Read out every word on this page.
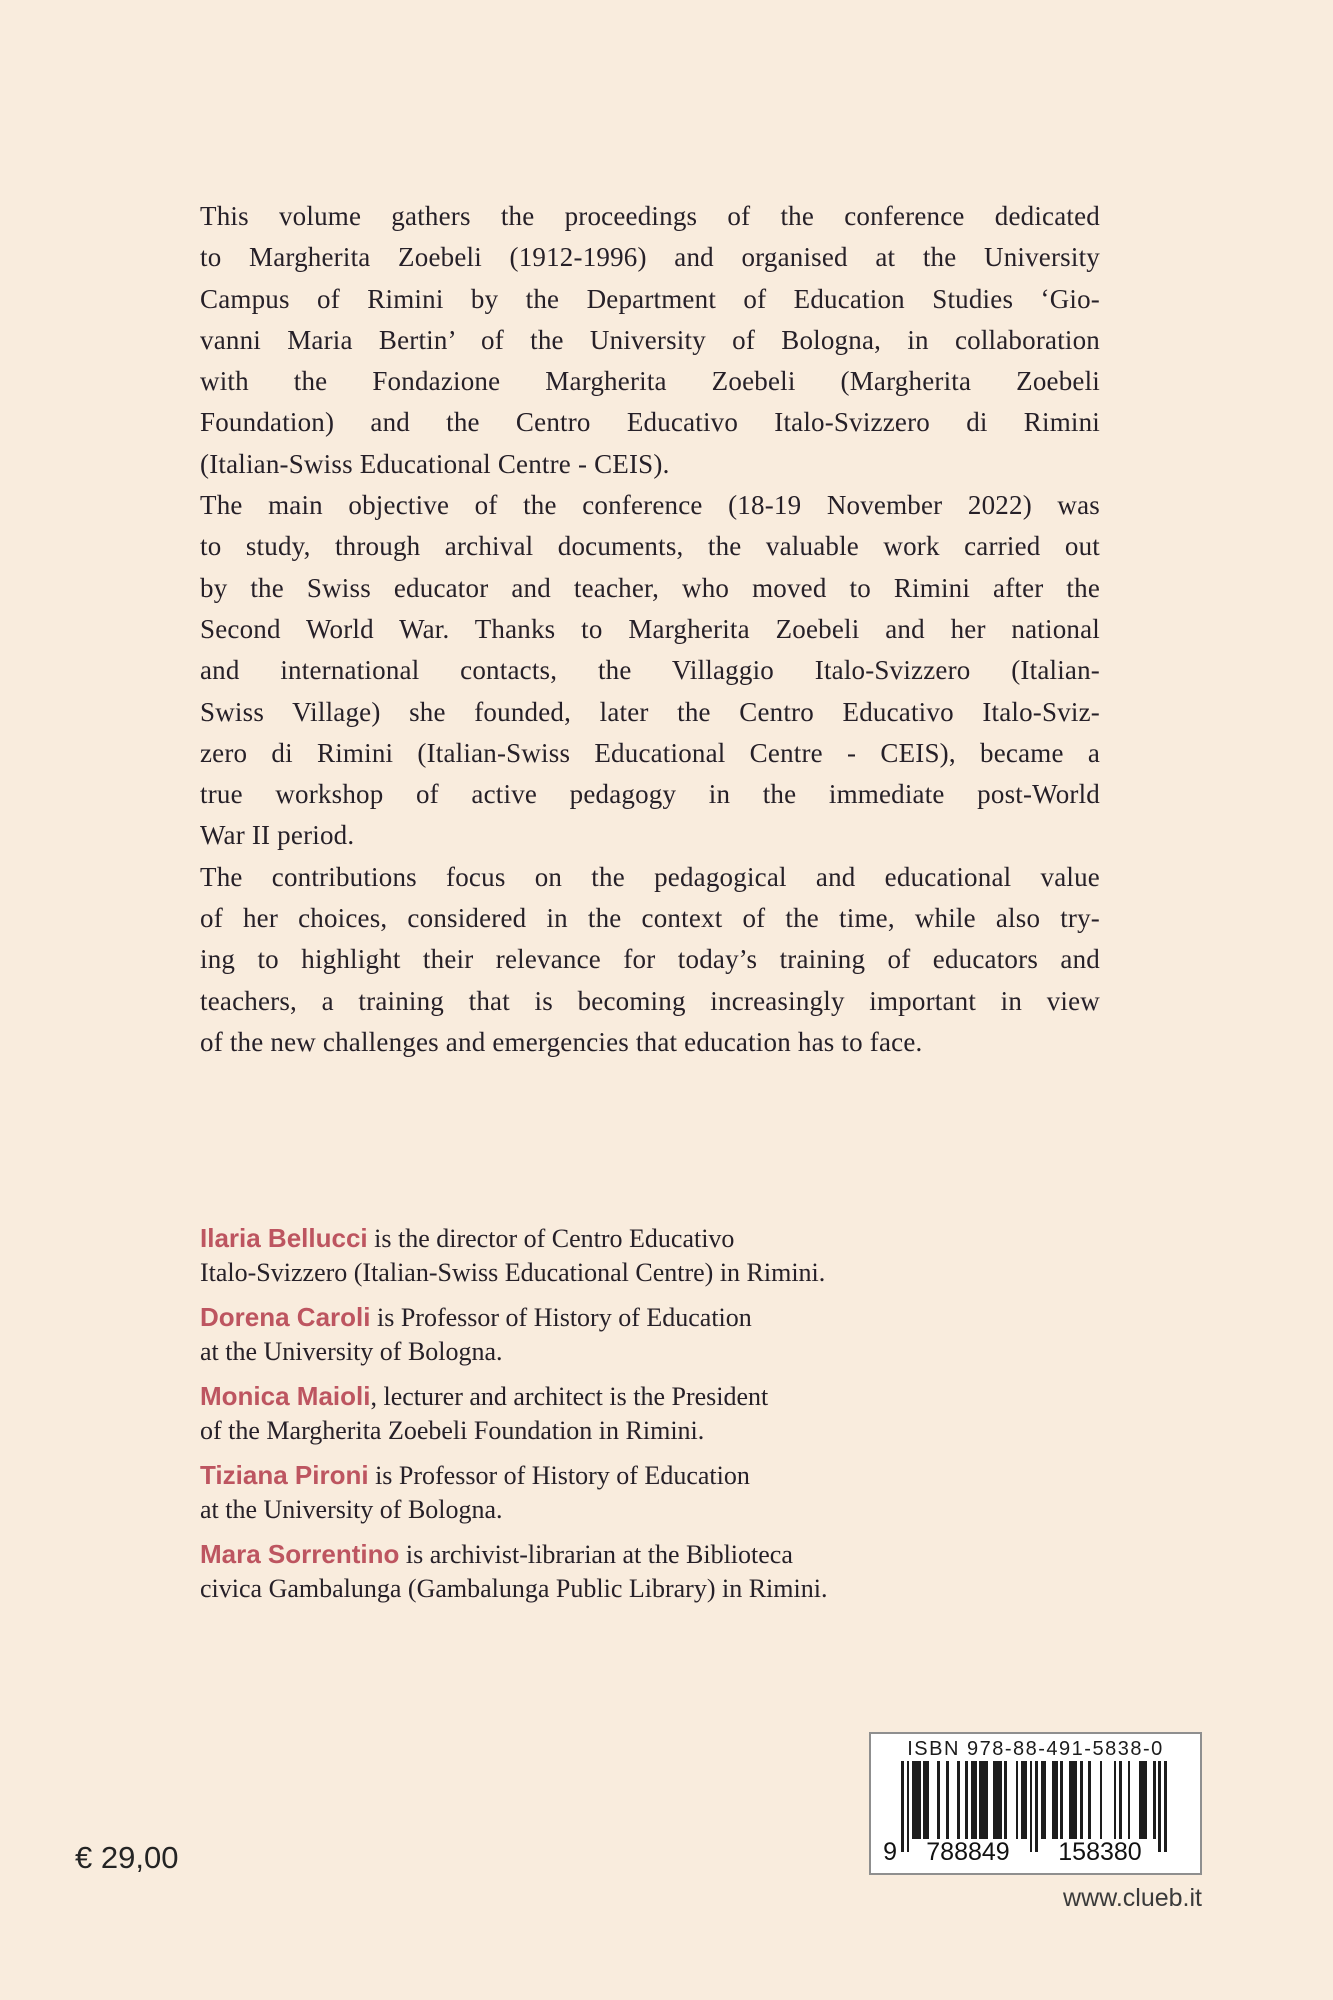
This volume gathers the proceedings of the conference dedicated
to Margherita Zoebeli (1912-1996) and organised at the University
Campus of Rimini by the Department of Education Studies ‘Gio-
vanni Maria Bertin’ of the University of Bologna, in collaboration
with the Fondazione Margherita Zoebeli (Margherita Zoebeli
Foundation) and the Centro Educativo Italo-Svizzero di Rimini
(Italian-Swiss Educational Centre - CEIS).
The main objective of the conference (18-19 November 2022) was
to study, through archival documents, the valuable work carried out
by the Swiss educator and teacher, who moved to Rimini after the
Second World War. Thanks to Margherita Zoebeli and her national
and international contacts, the Villaggio Italo-Svizzero (Italian-
Swiss Village) she founded, later the Centro Educativo Italo-Sviz-
zero di Rimini (Italian-Swiss Educational Centre - CEIS), became a
true workshop of active pedagogy in the immediate post-World
War II period.
The contributions focus on the pedagogical and educational value
of her choices, considered in the context of the time, while also try-
ing to highlight their relevance for today’s training of educators and
teachers, a training that is becoming increasingly important in view
of the new challenges and emergencies that education has to face.
Ilaria Bellucci is the director of Centro Educativo
Italo-Svizzero (Italian-Swiss Educational Centre) in Rimini.
Dorena Caroli is Professor of History of Education
at the University of Bologna.
Monica Maioli, lecturer and architect is the President
of the Margherita Zoebeli Foundation in Rimini.
Tiziana Pironi is Professor of History of Education
at the University of Bologna.
Mara Sorrentino is archivist-librarian at the Biblioteca
civica Gambalunga (Gambalunga Public Library) in Rimini.
€ 29,00
ISBN 978-88-491-5838-0
9	788849	158380
www.clueb.it
